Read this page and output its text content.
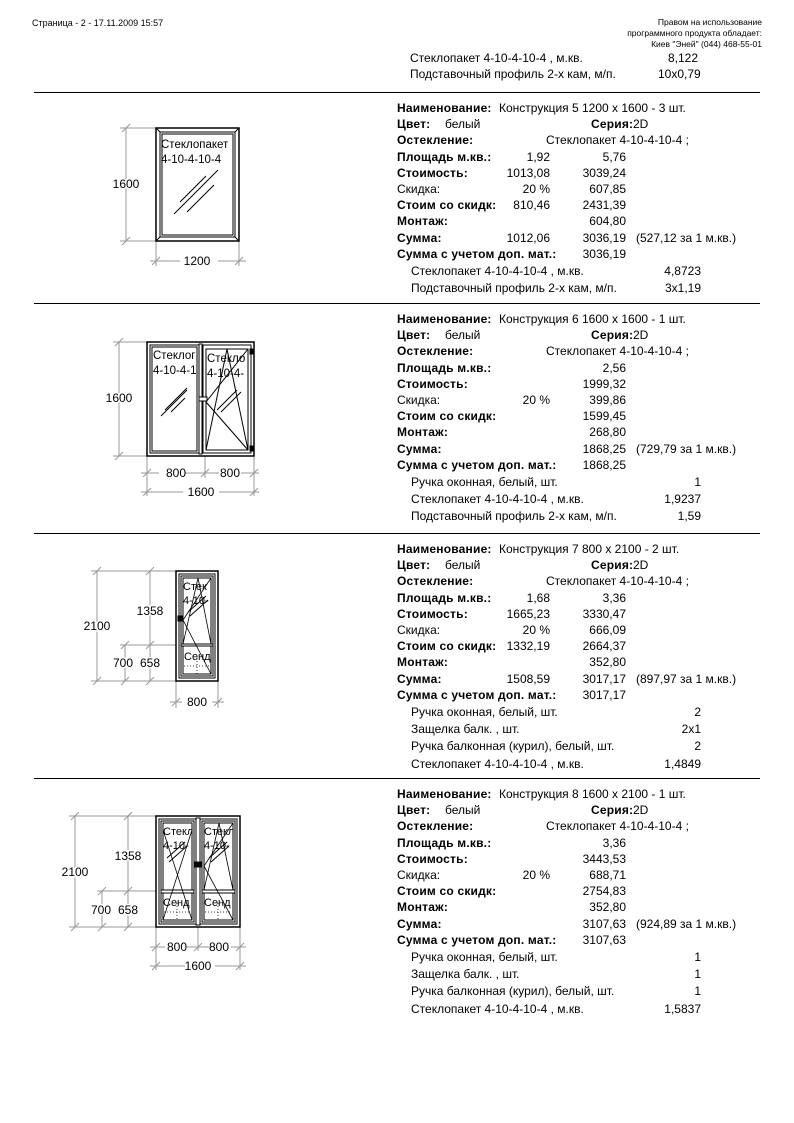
Страница - 2 - 17.11.2009 15:57	Правом на использование
программного продукта обладает:
Киев "Эней" (044) 468-55-01
Стеклопакет 4-10-4-10-4 , м.кв.	8,122
Подставочный профиль 2-х кам, м/п.	10x0,79
Наименование: Конструкция 5 1200 x 1600 - 3 шт.
Цвет: белый	Серия: 2D
Остекление:	Стеклопакет 4-10-4-10-4 ;
Площадь м.кв.:	1,92	5,76
Стоимость:	1013,08	3039,24
Скидка:	20 %	607,85
Стоим со скидк: 810,46	2431,39
Монтаж:	604,80
Сумма:	1012,06	3036,19 (527,12 за 1 м.кв.)
Сумма с учетом доп. мат.: 3036,19
Стеклопакет 4-10-4-10-4 , м.кв.	4,8723
Подставочный профиль 2-х кам, м/п.	3x1,19
Наименование: Конструкция 6 1600 x 1600 - 1 шт.
Цвет: белый	Серия: 2D
Остекление:	Стеклопакет 4-10-4-10-4 ;
Площадь м.кв.:	2,56
Стоимость:	1999,32
Скидка:	20 %	399,86
Стоим со скидк:	1599,45
Монтаж:	268,80
Сумма:	1868,25 (729,79 за 1 м.кв.)
Сумма с учетом доп. мат.: 1868,25
Ручка оконная, белый, шт.	1
Стеклопакет 4-10-4-10-4 , м.кв.	1,9237
Подставочный профиль 2-х кам, м/п.	1,59
Наименование: Конструкция 7 800 x 2100 - 2 шт.
Цвет: белый	Серия: 2D
Остекление:	Стеклопакет 4-10-4-10-4 ;
Площадь м.кв.:	1,68	3,36
Стоимость:	1665,23	3330,47
Скидка:	20 %	666,09
Стоим со скидк: 1332,19	2664,37
Монтаж:	352,80
Сумма:	1508,59	3017,17 (897,97 за 1 м.кв.)
Сумма с учетом доп. мат.: 3017,17
Ручка оконная, белый, шт.	2
Защелка балк. , шт.	2x1
Ручка балконная (курил), белый, шт.	2
Стеклопакет 4-10-4-10-4 , м.кв.	1,4849
Наименование: Конструкция 8 1600 x 2100 - 1 шт.
Цвет: белый	Серия: 2D
Остекление:	Стеклопакет 4-10-4-10-4 ;
Площадь м.кв.:	3,36
Стоимость:	3443,53
Скидка:	20 %	688,71
Стоим со скидк:	2754,83
Монтаж:	352,80
Сумма:	3107,63 (924,89 за 1 м.кв.)
Сумма с учетом доп. мат.: 3107,63
Ручка оконная, белый, шт.	1
Защелка балк. , шт.	1
Ручка балконная (курил), белый, шт.	1
Стеклопакет 4-10-4-10-4 , м.кв.	1,5837
1600
1200
Стеклопакет
4-10-4-10-4
1600
800	800
1600
Стеклог
4-10-4-1
Стекло
4-10-4-
2100
1358
658
700
800
Стек
4-10-
Сенд
2100
1358
658
700
800 800
1600
Стекл
4-10-
Стекл
4-10-
Сенд Сенд
